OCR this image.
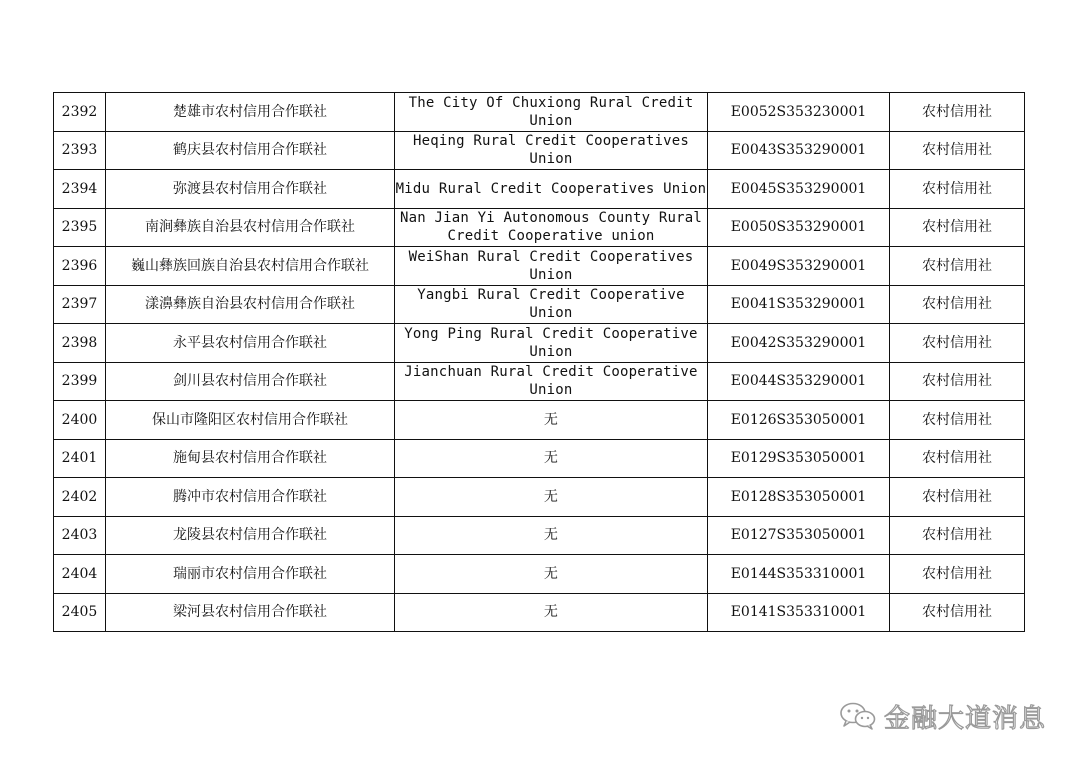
2392	楚雄市农村信用合作联社	The City Of Chuxiong Rural Credit Union	E0052S353230001	农村信用社
2393	鹤庆县农村信用合作联社	Heqing Rural Credit Cooperatives Union	E0043S353290001	农村信用社
2394	弥渡县农村信用合作联社	Midu Rural Credit Cooperatives Union	E0045S353290001	农村信用社
2395	南涧彝族自治县农村信用合作联社	Nan Jian Yi Autonomous County Rural Credit Cooperative union	E0050S353290001	农村信用社
2396	巍山彝族回族自治县农村信用合作联社	WeiShan Rural Credit Cooperatives Union	E0049S353290001	农村信用社
2397	漾濞彝族自治县农村信用合作联社	Yangbi Rural Credit Cooperative Union	E0041S353290001	农村信用社
2398	永平县农村信用合作联社	Yong Ping Rural Credit Cooperative Union	E0042S353290001	农村信用社
2399	剑川县农村信用合作联社	Jianchuan Rural Credit Cooperative Union	E0044S353290001	农村信用社
2400	保山市隆阳区农村信用合作联社	无	E0126S353050001	农村信用社
2401	施甸县农村信用合作联社	无	E0129S353050001	农村信用社
2402	腾冲市农村信用合作联社	无	E0128S353050001	农村信用社
2403	龙陵县农村信用合作联社	无	E0127S353050001	农村信用社
2404	瑞丽市农村信用合作联社	无	E0144S353310001	农村信用社
2405	梁河县农村信用合作联社	无	E0141S353310001	农村信用社
金融大道消息
